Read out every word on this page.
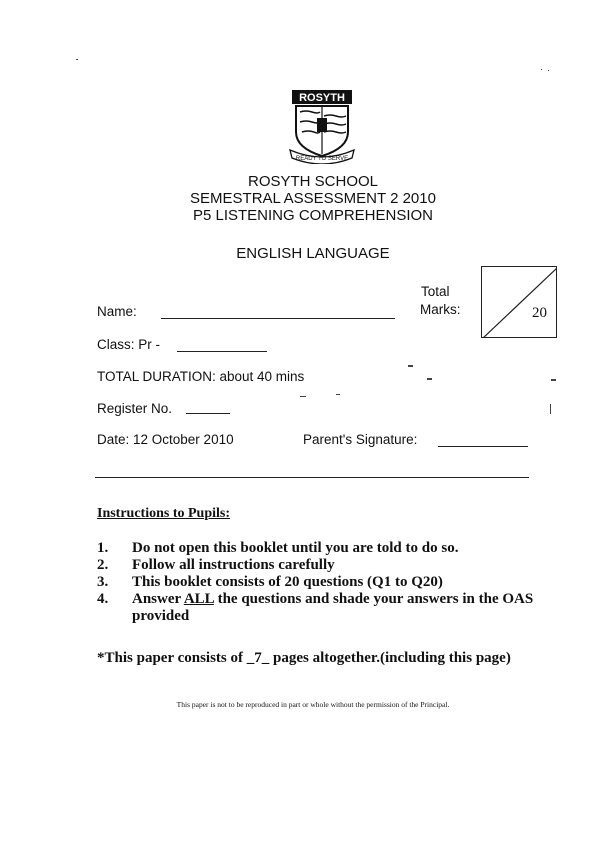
ROSYTH
READY TO SERVE
ROSYTH SCHOOL
SEMESTRAL ASSESSMENT 2 2010
P5 LISTENING COMPREHENSION
ENGLISH LANGUAGE
Total
Marks:	20
Name:
Class: Pr -
TOTAL DURATION: about 40 mins
Register No.
Date: 12 October 2010	Parent's Signature:
Instructions to Pupils:
1.	Do not open this booklet until you are told to do so.
2.	Follow all instructions carefully
3.	This booklet consists of 20 questions (Q1 to Q20)
4.	Answer ALL the questions and shade your answers in the OAS provided
*This paper consists of _7_ pages altogether.(including this page)
This paper is not to be reproduced in part or whole without the permission of the Principal.
